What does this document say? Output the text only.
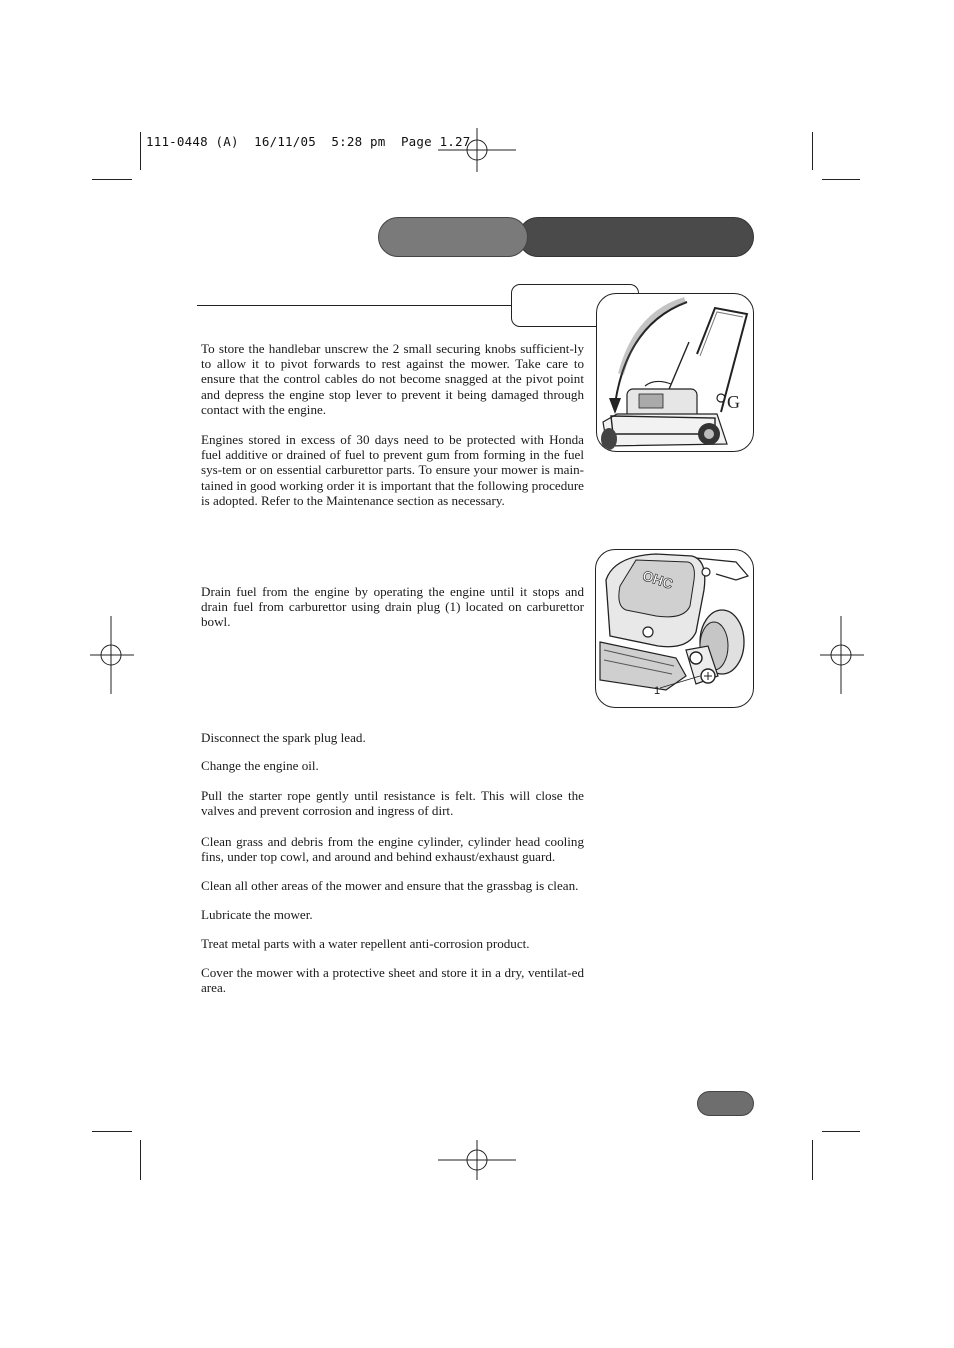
111-0448 (A)  16/11/05  5:28 pm  Page 1.27

To store the handlebar unscrew the 2 small securing knobs sufficient-ly to allow it to pivot forwards to rest against the mower. Take care to ensure that the control cables do not become snagged at the pivot point and depress the engine stop lever to prevent it being damaged through contact with the engine.

Engines stored in excess of 30 days need to be protected with Honda fuel additive or drained of fuel to prevent gum from forming in the fuel sys-tem or on essential carburettor parts. To ensure your mower is main-tained in good working order it is important that the following procedure is adopted. Refer to the Maintenance section as necessary.

G

Drain fuel from the engine by operating the engine until it stops and drain fuel from carburettor using drain plug (1) located on carburettor bowl.

OHC
1

Disconnect the spark plug lead.

Change the engine oil.

Pull the starter rope gently until resistance is felt. This will close the valves and prevent corrosion and ingress of dirt.

Clean grass and debris from the engine cylinder, cylinder head cooling fins, under top cowl, and around and behind exhaust/exhaust guard.

Clean all other areas of the mower and ensure that the grassbag is clean.

Lubricate the mower.

Treat metal parts with a water repellent anti-corrosion product.

Cover the mower with a protective sheet and store it in a dry, ventilat-ed area.
